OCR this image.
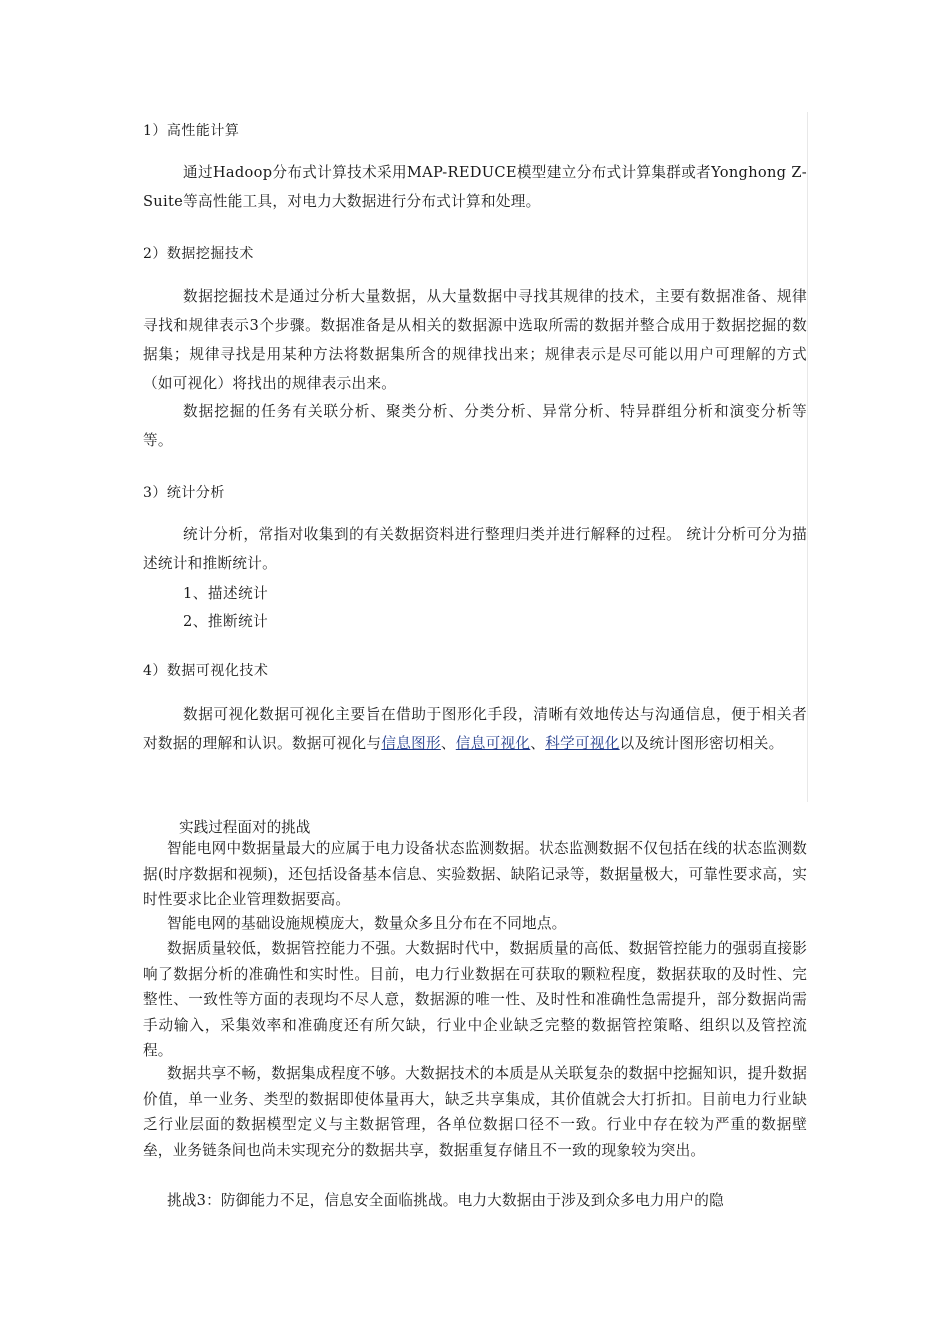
1）高性能计算

通过Hadoop分布式计算技术采用MAP-REDUCE模型建立分布式计算集群或者Yonghong Z-Suite等高性能工具，对电力大数据进行分布式计算和处理。

2）数据挖掘技术

数据挖掘技术是通过分析大量数据，从大量数据中寻找其规律的技术，主要有数据准备、规律寻找和规律表示3个步骤。数据准备是从相关的数据源中选取所需的数据并整合成用于数据挖掘的数据集；规律寻找是用某种方法将数据集所含的规律找出来；规律表示是尽可能以用户可理解的方式（如可视化）将找出的规律表示出来。

数据挖掘的任务有关联分析、聚类分析、分类分析、异常分析、特异群组分析和演变分析等等。

3）统计分析

统计分析，常指对收集到的有关数据资料进行整理归类并进行解释的过程。 统计分析可分为描述统计和推断统计。

1、描述统计
2、推断统计
4）数据可视化技术

数据可视化数据可视化主要旨在借助于图形化手段，清晰有效地传达与沟通信息，便于相关者对数据的理解和认识。数据可视化与信息图形、信息可视化、科学可视化以及统计图形密切相关。

实践过程面对的挑战

智能电网中数据量最大的应属于电力设备状态监测数据。状态监测数据不仅包括在线的状态监测数据(时序数据和视频)，还包括设备基本信息、实验数据、缺陷记录等，数据量极大，可靠性要求高，实时性要求比企业管理数据要高。

智能电网的基础设施规模庞大，数量众多且分布在不同地点。

数据质量较低，数据管控能力不强。大数据时代中，数据质量的高低、数据管控能力的强弱直接影响了数据分析的准确性和实时性。目前，电力行业数据在可获取的颗粒程度，数据获取的及时性、完整性、一致性等方面的表现均不尽人意，数据源的唯一性、及时性和准确性急需提升，部分数据尚需手动输入，采集效率和准确度还有所欠缺，行业中企业缺乏完整的数据管控策略、组织以及管控流程。

数据共享不畅，数据集成程度不够。大数据技术的本质是从关联复杂的数据中挖掘知识，提升数据价值，单一业务、类型的数据即使体量再大，缺乏共享集成，其价值就会大打折扣。目前电力行业缺乏行业层面的数据模型定义与主数据管理，各单位数据口径不一致。行业中存在较为严重的数据壁垒，业务链条间也尚未实现充分的数据共享，数据重复存储且不一致的现象较为突出。

挑战3：防御能力不足，信息安全面临挑战。电力大数据由于涉及到众多电力用户的隐
